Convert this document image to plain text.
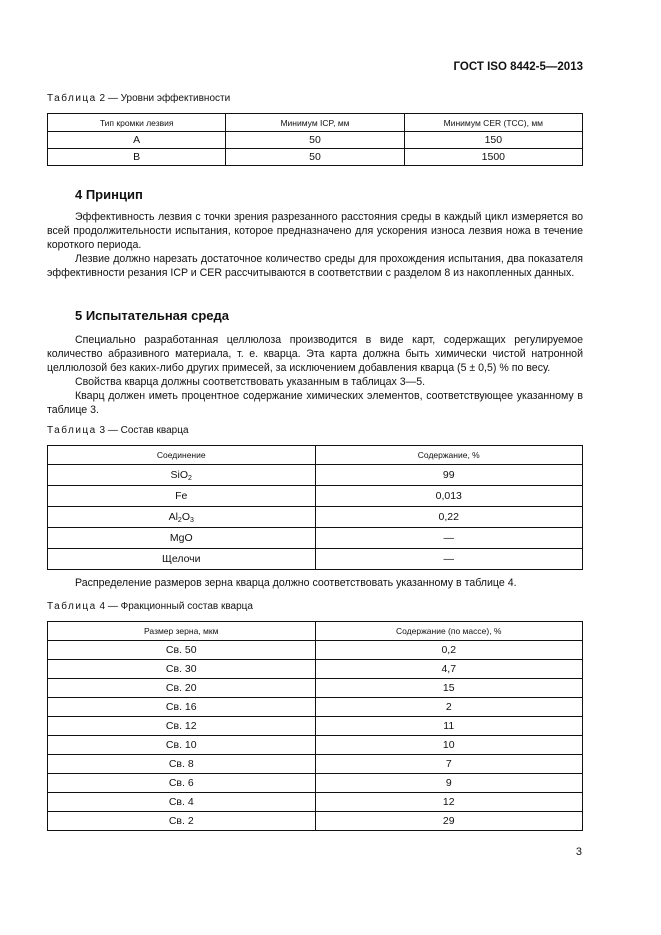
ГОСТ ISO 8442-5—2013
Таблица 2 — Уровни эффективности
Тип кромки лезвия	Минимум ICP, мм	Минимум CER (TCC), мм
A	50	150
B	50	1500
4 Принцип
Эффективность лезвия с точки зрения разрезанного расстояния среды в каждый цикл измеряется во всей продолжительности испытания, которое предназначено для ускорения износа лезвия ножа в течение короткого периода.
Лезвие должно нарезать достаточное количество среды для прохождения испытания, два показателя эффективности резания ICP и CER рассчитываются в соответствии с разделом 8 из накопленных данных.
5 Испытательная среда
Специально разработанная целлюлоза производится в виде карт, содержащих регулируемое количество абразивного материала, т. е. кварца. Эта карта должна быть химически чистой натронной целлюлозой без каких-либо других примесей, за исключением добавления кварца (5 ± 0,5) % по весу.
Свойства кварца должны соответствовать указанным в таблицах 3—5.
Кварц должен иметь процентное содержание химических элементов, соответствующее указанному в таблице 3.
Таблица 3 — Состав кварца
Соединение	Содержание, %
SiO$_2$	99
Fe	0,013
$Al_2O_3$	0,22
MgO	—
Щелочи	—
Распределение размеров зерна кварца должно соответствовать указанному в таблице 4.
Таблица 4 — Фракционный состав кварца
Размер зерна, мкм	Содержание (по массе), %
Св. 50	0,2
Св. 30	4,7
Св. 20	15
Св. 16	2
Св. 12	11
Св. 10	10
Св. 8	7
Св. 6	9
Св. 4	12
Св. 2	29
3
